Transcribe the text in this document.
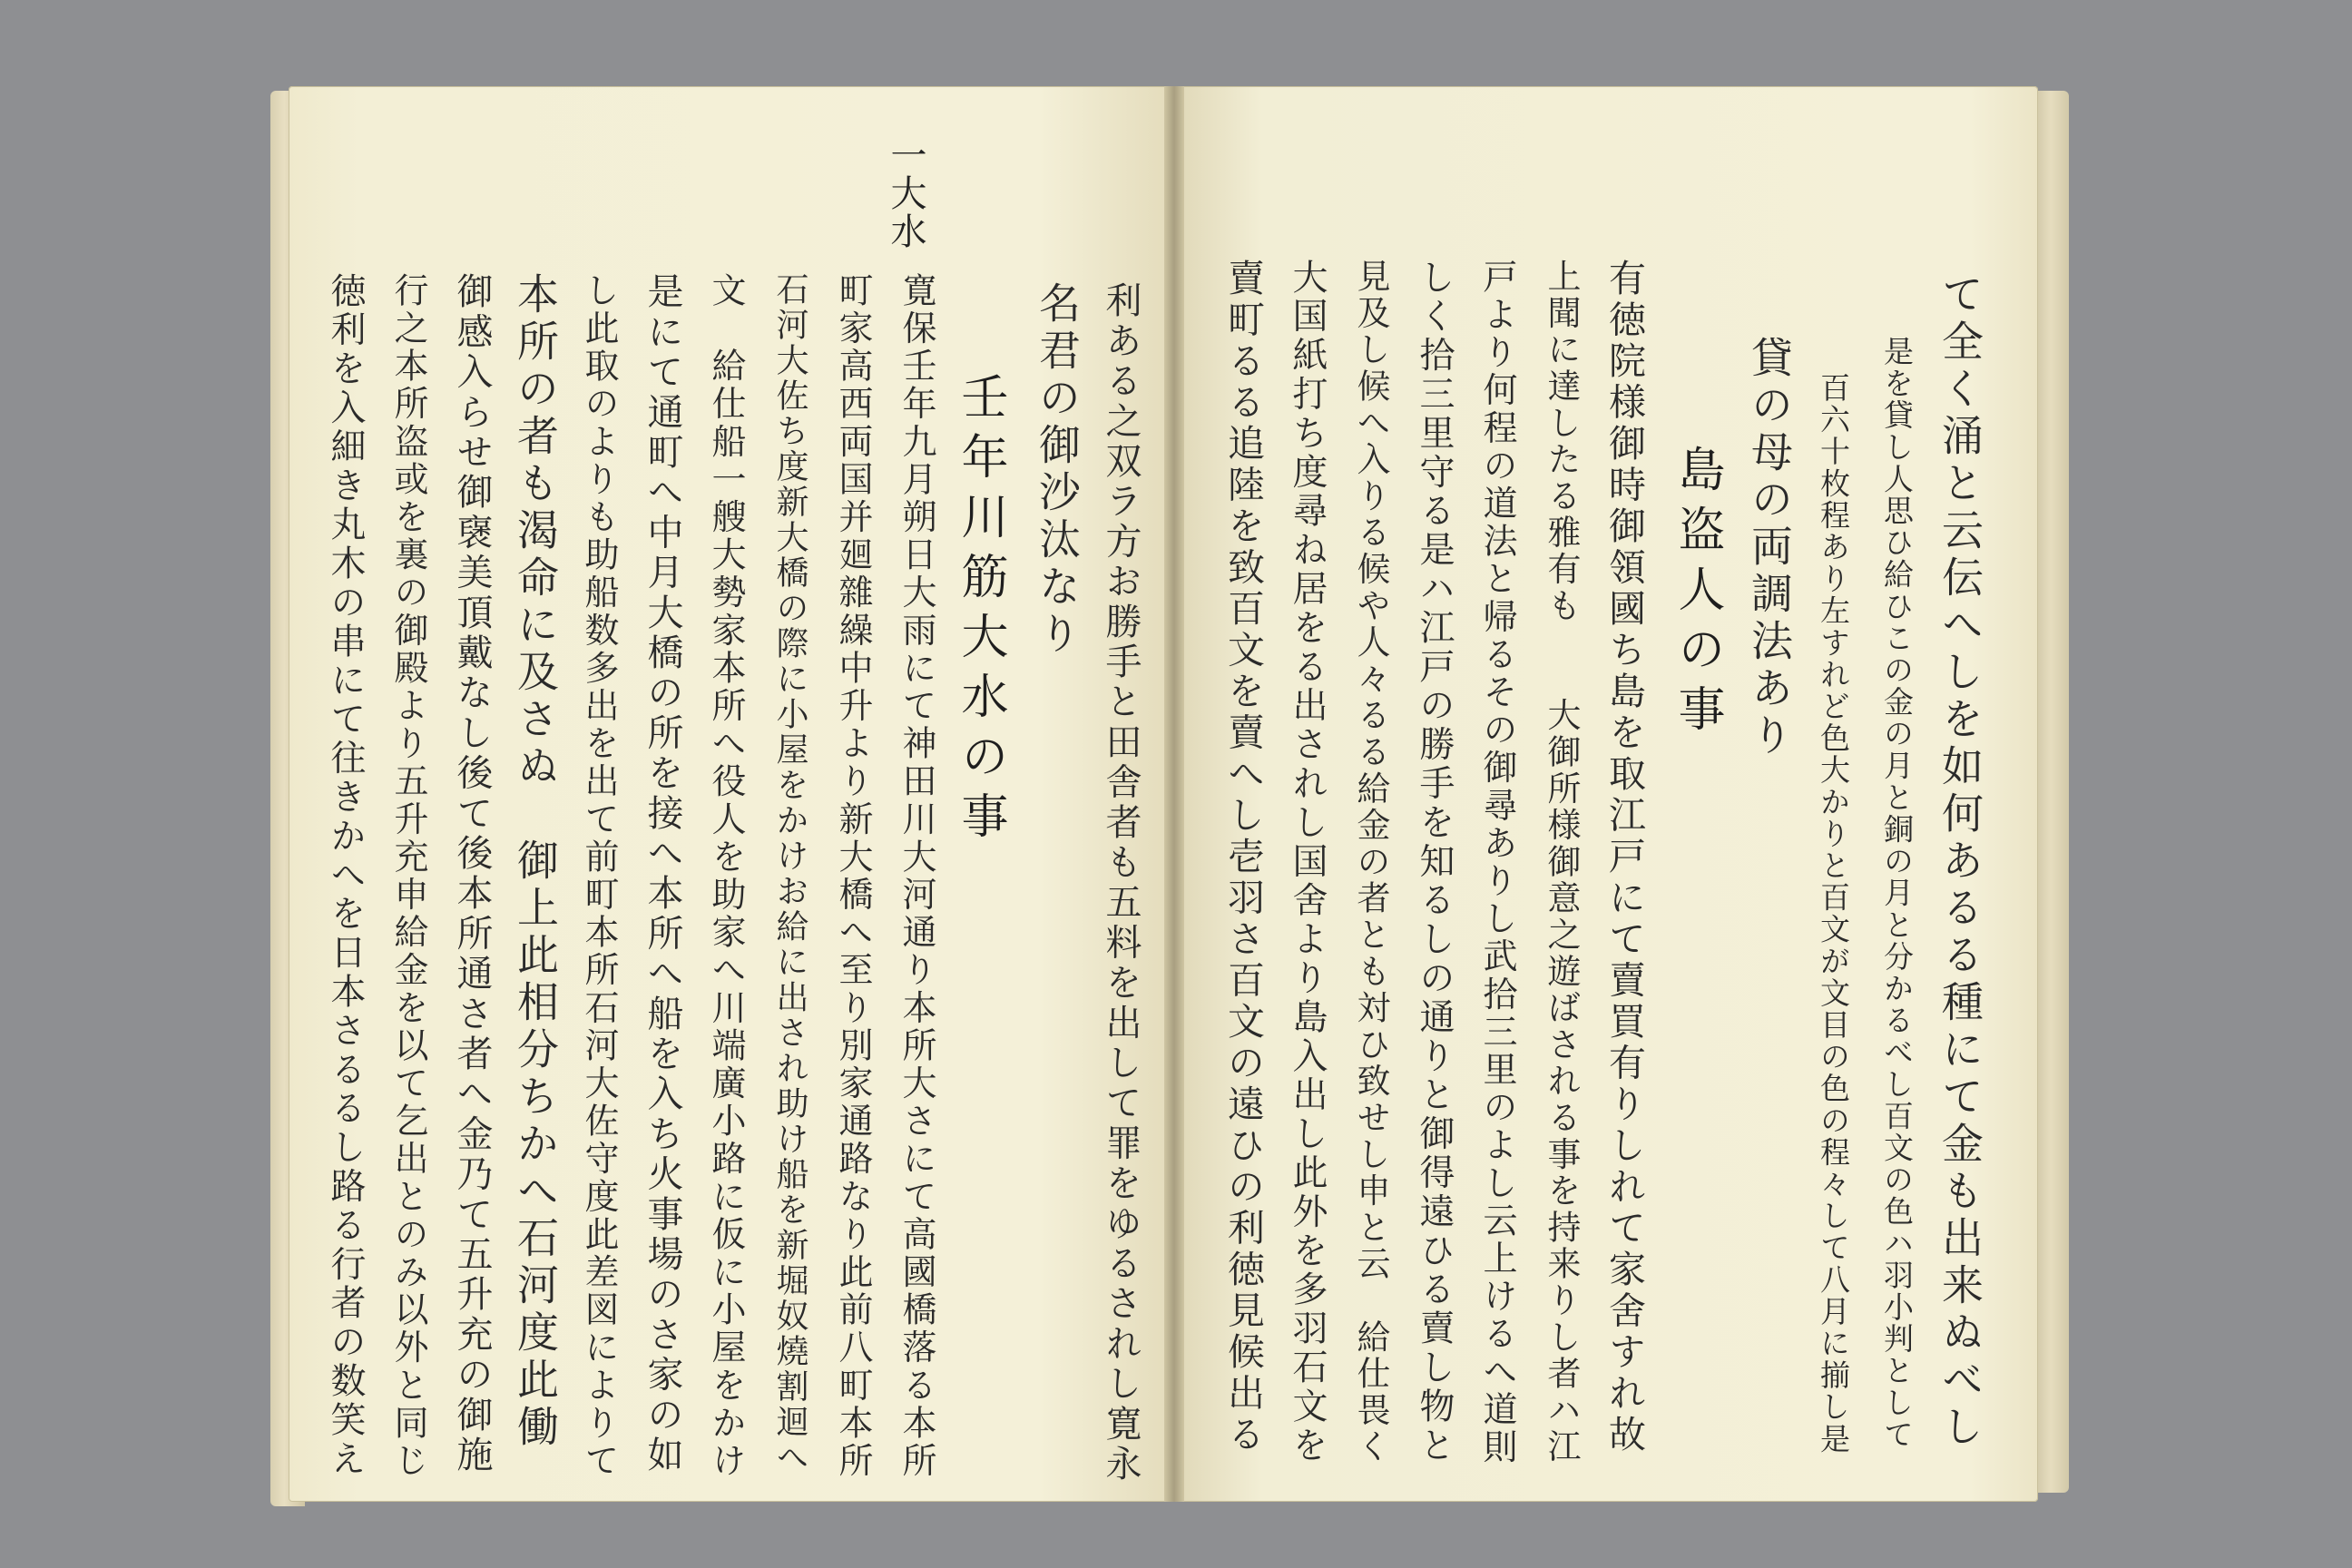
一大水
利ある之双ラ方お勝手と田舎者も五料を出して罪をゆるされし寛永
名君の御沙汰なり
壬年川筋大水の事
寛保壬年九月朔日大雨にて神田川大河通り本所大さにて高國橋落る本所
町家高西両国并廻雜繰中升より新大橋へ至り別家通路なり此前八町本所
石河大佐ち度新大橋の際に小屋をかけお給に出され助け船を新堀奴燒割迴へ
文　給仕船一艘大勢家本所へ役人を助家へ川端廣小路に仮に小屋をかけ
是にて通町へ中月大橋の所を接へ本所へ船を入ち火事場のさ家の如
し此取のよりも助船数多出を出て前町本所石河大佐守度此差図によりて
本所の者も渴命に及さぬ　御上此相分ちかへ石河度此働
御感入らせ御襃美頂戴なし後て後本所通さ者へ金乃て五升充の御施
行之本所盗或を裏の御殿より五升充申給金を以て乞出とのみ以外と同じ
徳利を入細き丸木の串にて往きかへを日本さるるし路る行者の数笑え	て全く涌と云伝へしを如何あるる種にて金も出来ぬべし
是を貸し人思ひ給ひこの金の月と銅の月と分かるべし百文の色ハ羽小判として
百六十枚程あり左すれど色大かりと百文が文目の色の程々して八月に揃し是
貸の母の両調法あり
島盗人の事
有徳院様御時御領國ち島を取江戸にて賣買有りしれて家舍すれ故
上聞に達したる雅有も　　大御所様御意之遊ばされる事を持来りし者ハ江
戸より何程の道法と帰るその御尋ありし武拾三里のよし云上けるへ道則
しく拾三里守る是ハ江戸の勝手を知るしの通りと御得遠ひる賣し物と
見及し候へ入りる候や人々るる給金の者とも対ひ致せし申と云　給仕畏く
大国紙打ち度尋ね居をる出されし国舍より島入出し此外を多羽石文を
賣町るる追陸を致百文を賣へし壱羽さ百文の遠ひの利徳見候出る
